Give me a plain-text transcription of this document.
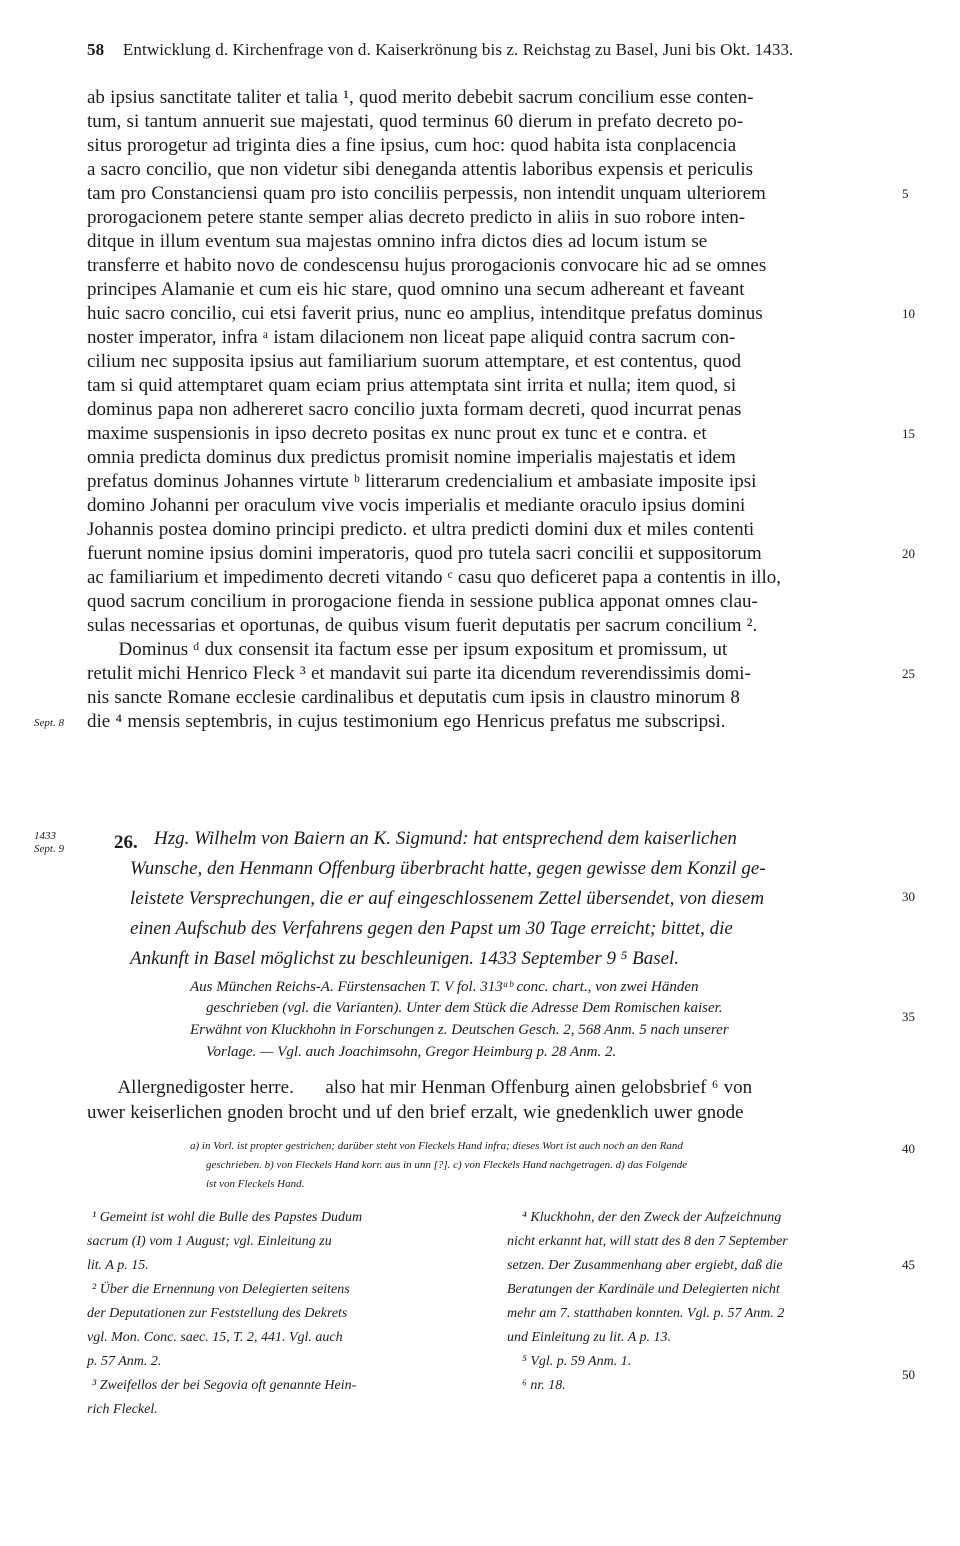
58 Entwicklung d. Kirchenfrage von d. Kaiserkrönung bis z. Reichstag zu Basel, Juni bis Okt. 1433.
ab ipsius sanctitate taliter et talia ¹, quod merito debebit sacrum concilium esse conten-
tum, si tantum annuerit sue majestati, quod terminus 60 dierum in prefato decreto po-
situs prorogetur ad triginta dies a fine ipsius, cum hoc: quod habita ista conplacencia
a sacro concilio, que non videtur sibi deneganda attentis laboribus expensis et periculis
tam pro Constanciensi quam pro isto conciliis perpessis, non intendit unquam ulteriorem
prorogacionem petere stante semper alias decreto predicto in aliis in suo robore inten-
ditque in illum eventum sua majestas omnino infra dictos dies ad locum istum se
transferre et habito novo de condescensu hujus prorogacionis convocare hic ad se omnes
principes Alamanie et cum eis hic stare, quod omnino una secum adhereant et faveant
huic sacro concilio, cui etsi faverit prius, nunc eo amplius, intenditque prefatus dominus
noster imperator, infra ᵃ istam dilacionem non liceat pape aliquid contra sacrum con-
cilium nec supposita ipsius aut familiarium suorum attemptare, et est contentus, quod
tam si quid attemptaret quam eciam prius attemptata sint irrita et nulla; item quod, si
dominus papa non adhereret sacro concilio juxta formam decreti, quod incurrat penas
maxime suspensionis in ipso decreto positas ex nunc prout ex tunc et e contra. et
omnia predicta dominus dux predictus promisit nomine imperialis majestatis et idem
prefatus dominus Johannes virtute ᵇ litterarum credencialium et ambasiate imposite ipsi
domino Johanni per oraculum vive vocis imperialis et mediante oraculo ipsius domini
Johannis postea domino principi predicto. et ultra predicti domini dux et miles contenti
fuerunt nomine ipsius domini imperatoris, quod pro tutela sacri concilii et suppositorum
ac familiarium et impedimento decreti vitando ᶜ casu quo deficeret papa a contentis in illo,
quod sacrum concilium in prorogacione fienda in sessione publica apponat omnes clau-
sulas necessarias et oportunas, de quibus visum fuerit deputatis per sacrum concilium ².
Dominus ᵈ dux consensit ita factum esse per ipsum expositum et promissum, ut
retulit michi Henrico Fleck ³ et mandavit sui parte ita dicendum reverendissimis domi-
nis sancte Romane ecclesie cardinalibus et deputatis cum ipsis in claustro minorum 8
die ⁴ mensis septembris, in cujus testimonium ego Henricus prefatus me subscripsi.
5
10
15
20
25
30
35
40
45
50
Sept. 8
1433
Sept. 9	26. Hzg. Wilhelm von Baiern an K. Sigmund: hat entsprechend dem kaiserlichen
Wunsche, den Henmann Offenburg überbracht hatte, gegen gewisse dem Konzil ge-
leistete Versprechungen, die er auf eingeschlossenem Zettel übersendet, von diesem
einen Aufschub des Verfahrens gegen den Papst um 30 Tage erreicht; bittet, die
Ankunft in Basel möglichst zu beschleunigen. 1433 September 9 ⁵ Basel.
Aus München Reichs-A. Fürstensachen T. V fol. 313ᵃᵇ conc. chart., von zwei Händen
geschrieben (vgl. die Varianten). Unter dem Stück die Adresse Dem Romischen kaiser.
Erwähnt von Kluckhohn in Forschungen z. Deutschen Gesch. 2, 568 Anm. 5 nach unserer
Vorlage. — Vgl. auch Joachimsohn, Gregor Heimburg p. 28 Anm. 2.
Allergnedigoster herre.      also hat mir Henman Offenburg ainen gelobsbrief ⁶ von
uwer keiserlichen gnoden brocht und uf den brief erzalt, wie gnedenklich uwer gnode
a) in Vorl. ist propter gestrichen; darüber steht von Fleckels Hand infra; dieses Wort ist auch noch an den Rand
geschrieben. b) von Fleckels Hand korr. aus in unn [?]. c) von Fleckels Hand nachgetragen. d) das Folgende
ist von Fleckels Hand.
¹ Gemeint ist wohl die Bulle des Papstes Dudum
sacrum (I) vom 1 August; vgl. Einleitung zu
lit. A p. 15.
² Über die Ernennung von Delegierten seitens
der Deputationen zur Feststellung des Dekrets
vgl. Mon. Conc. saec. 15, T. 2, 441. Vgl. auch
p. 57 Anm. 2.
³ Zweifellos der bei Segovia oft genannte Hein-
rich Fleckel.
⁴ Kluckhohn, der den Zweck der Aufzeichnung
nicht erkannt hat, will statt des 8 den 7 September
setzen. Der Zusammenhang aber ergiebt, daß die
Beratungen der Kardinäle und Delegierten nicht
mehr am 7. statthaben konnten. Vgl. p. 57 Anm. 2
und Einleitung zu lit. A p. 13.
⁵ Vgl. p. 59 Anm. 1.
⁶ nr. 18.
